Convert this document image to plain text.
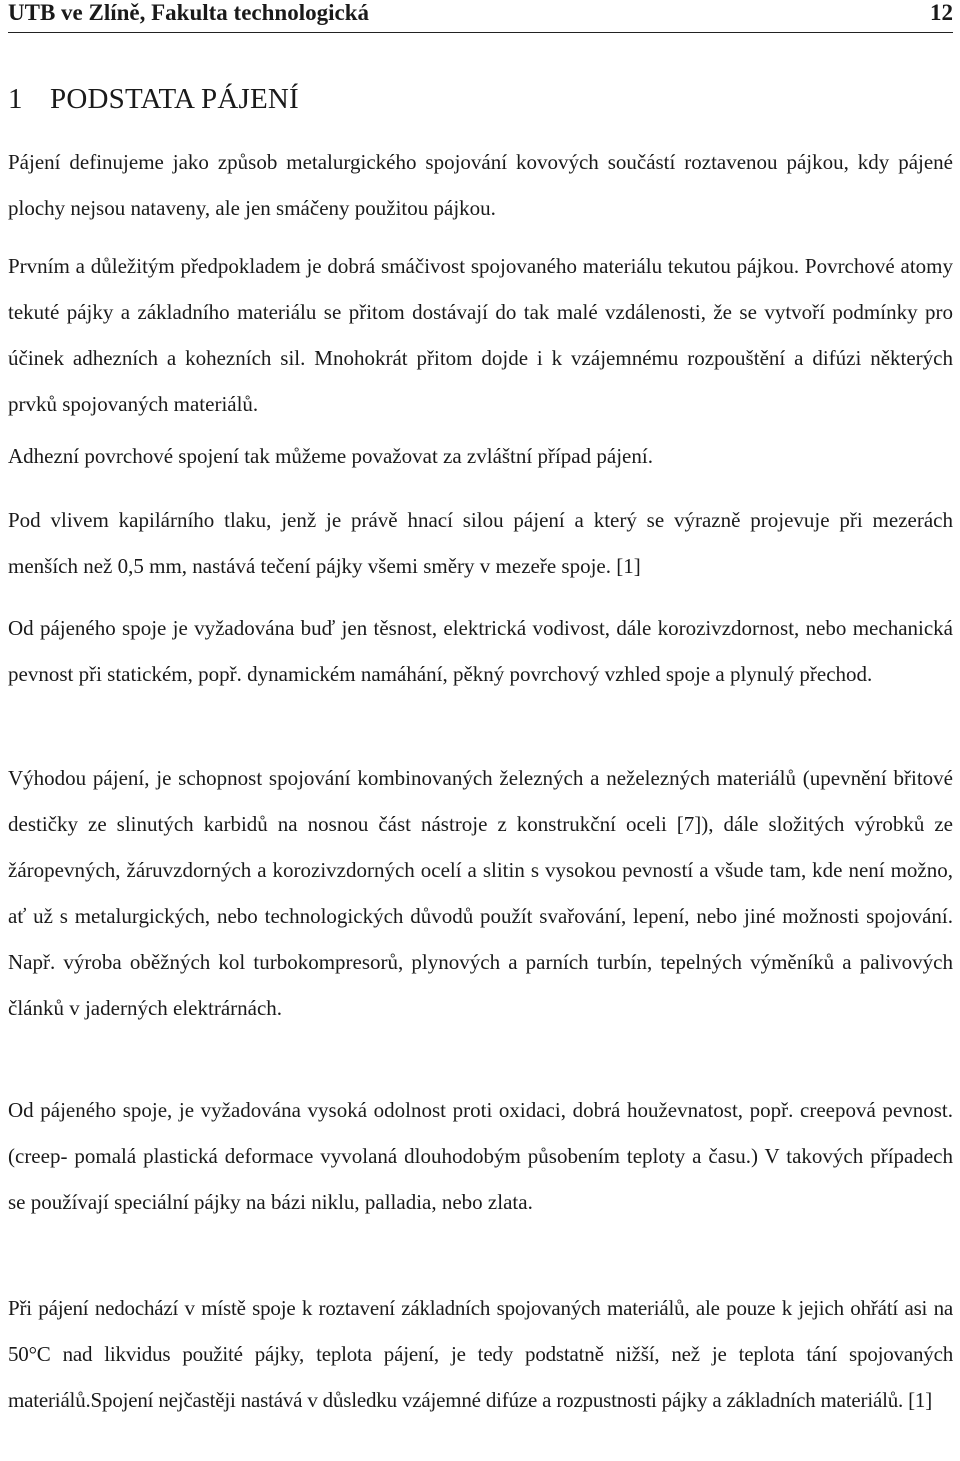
UTB ve Zlíně, Fakulta technologická	12
1 PODSTATA PÁJENÍ

Pájení definujeme jako způsob metalurgického spojování kovových součástí roztavenou pájkou, kdy pájené plochy nejsou nataveny, ale jen smáčeny použitou pájkou.

Prvním a důležitým předpokladem je dobrá smáčivost spojovaného materiálu tekutou pájkou. Povrchové atomy tekuté pájky a základního materiálu se přitom dostávají do tak malé vzdálenosti, že se vytvoří podmínky pro účinek adhezních a kohezních sil. Mnohokrát přitom dojde i k vzájemnému rozpouštění a difúzi některých prvků spojovaných materiálů.

Adhezní povrchové spojení tak můžeme považovat za zvláštní případ pájení.

Pod vlivem kapilárního tlaku, jenž je právě hnací silou pájení a který se výrazně projevuje při mezerách menších než 0,5 mm, nastává tečení pájky všemi směry v mezeře spoje. [1]

Od pájeného spoje je vyžadována buď jen těsnost, elektrická vodivost, dále korozivzdornost, nebo mechanická pevnost při statickém, popř. dynamickém namáhání, pěkný povrchový vzhled spoje a plynulý přechod.

Výhodou pájení, je schopnost spojování kombinovaných železných a neželezných materiálů (upevnění břitové destičky ze slinutých karbidů na nosnou část nástroje z konstrukční oceli [7]), dále složitých výrobků ze žáropevných, žáruvzdorných a korozivzdorných ocelí a slitin s vysokou pevností a všude tam, kde není možno, ať už s metalurgických, nebo technologických důvodů použít svařování, lepení, nebo jiné možnosti spojování. Např. výroba oběžných kol turbokompresorů, plynových a parních turbín, tepelných výměníků a palivových článků v jaderných elektrárnách.

Od pájeného spoje, je vyžadována vysoká odolnost proti oxidaci, dobrá houževnatost, popř. creepová pevnost. (creep- pomalá plastická deformace vyvolaná dlouhodobým působením teploty a času.) V takových případech se používají speciální pájky na bázi niklu, palladia, nebo zlata.

Při pájení nedochází v místě spoje k roztavení základních spojovaných materiálů, ale pouze k jejich ohřátí asi na 50°C nad likvidus použité pájky, teplota pájení, je tedy podstatně nižší, než je teplota tání spojovaných materiálů.Spojení nejčastěji nastává v důsledku vzájemné difúze a rozpustnosti pájky a základních materiálů. [1]
